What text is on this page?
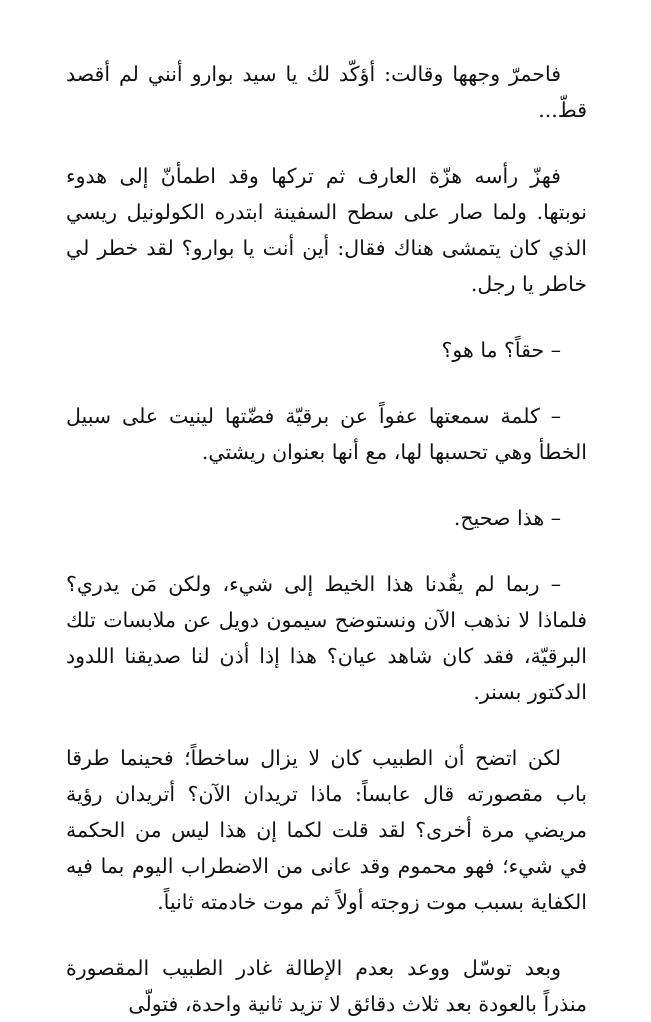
فاحمرّ وجهها وقالت: أؤكّد لك يا سيد بوارو أنني لم أقصد قطّ...

فهزّ رأسه هزّة العارف ثم تركها وقد اطمأنّ إلى هدوء نوبتها. ولما صار على سطح السفينة ابتدره الكولونيل ريسي الذي كان يتمشى هناك فقال: أين أنت يا بوارو؟ لقد خطر لي خاطر يا رجل.

– حقاً؟ ما هو؟

– كلمة سمعتها عفواً عن برقيّة فضّتها لينيت على سبيل الخطأ وهي تحسبها لها، مع أنها بعنوان ريشتي.

– هذا صحيح.

– ربما لم يقُدنا هذا الخيط إلى شيء، ولكن مَن يدري؟ فلماذا لا نذهب الآن ونستوضح سيمون دويل عن ملابسات تلك البرقيّة، فقد كان شاهد عيان؟ هذا إذا أذن لنا صديقنا اللدود الدكتور بسنر.

لكن اتضح أن الطبيب كان لا يزال ساخطاً؛ فحينما طرقا باب مقصورته قال عابساً: ماذا تريدان الآن؟ أتريدان رؤية مريضي مرة أخرى؟ لقد قلت لكما إن هذا ليس من الحكمة في شيء؛ فهو محموم وقد عانى من الاضطراب اليوم بما فيه الكفاية بسبب موت زوجته أولاً ثم موت خادمته ثانياً.

وبعد توسّل ووعد بعدم الإطالة غادر الطبيب المقصورة منذراً بالعودة بعد ثلاث دقائق لا تزيد ثانية واحدة، فتولّى
